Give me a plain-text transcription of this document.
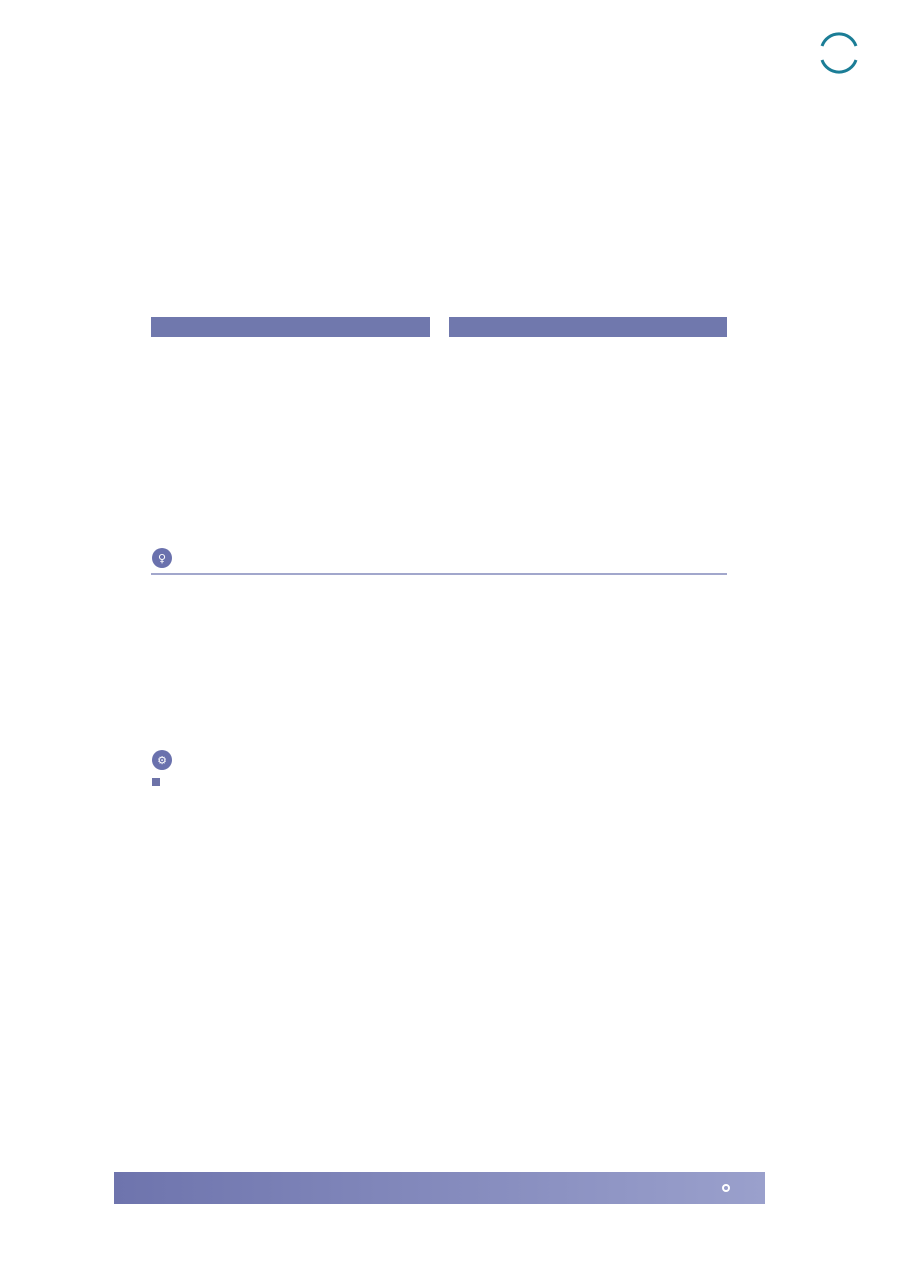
♀

⚙
